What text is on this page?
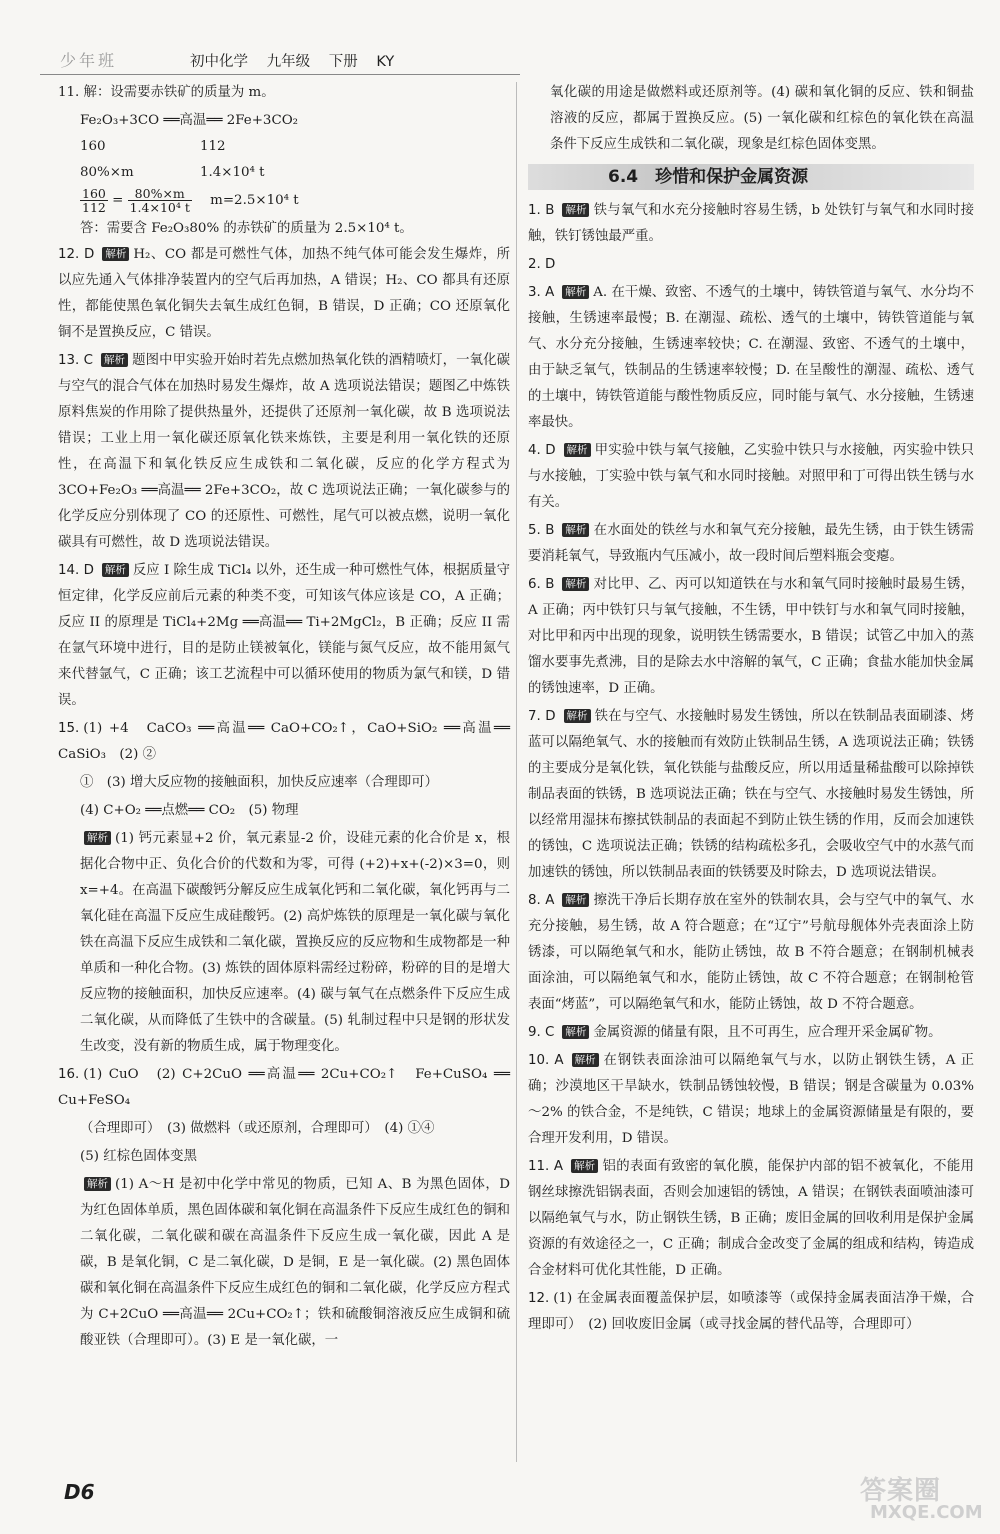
少年班	初中化学 九年级 下册 KY
11. 解：设需要赤铁矿的质量为 m。
Fe₂O₃+3CO ══高温══ 2Fe+3CO₂
160	112
80%×m	1.4×10⁴ t
$\frac{160}{112} = \frac{80\%\times m}{\text{1.4×10⁴ t}} m=2.5\times 10^4$ t
答：需要含 Fe₂O₃80% 的赤铁矿的质量为 2.5×10⁴ t。
12. D 解析 H₂、CO 都是可燃性气体，加热不纯气体可能会发生爆炸，所以应先通入气体排净装置内的空气后再加热，A 错误；H₂、CO 都具有还原性，都能使黑色氧化铜失去氧生成红色铜，B 错误，D 正确；CO 还原氧化铜不是置换反应，C 错误。
13. C 解析 题图中甲实验开始时若先点燃加热氧化铁的酒精喷灯，一氧化碳与空气的混合气体在加热时易发生爆炸，故 A 选项说法错误；题图乙中炼铁原料焦炭的作用除了提供热量外，还提供了还原剂一氧化碳，故 B 选项说法错误；工业上用一氧化碳还原氧化铁来炼铁，主要是利用一氧化铁的还原性，在高温下和氧化铁反应生成铁和二氧化碳，反应的化学方程式为 3CO+Fe₂O₃ ══高温══ 2Fe+3CO₂，故 C 选项说法正确；一氧化碳参与的化学反应分别体现了 CO 的还原性、可燃性，尾气可以被点燃，说明一氧化碳具有可燃性，故 D 选项说法错误。
14. D 解析 反应 I 除生成 TiCl₄ 以外，还生成一种可燃性气体，根据质量守恒定律，化学反应前后元素的种类不变，可知该气体应该是 CO，A 正确；反应 II 的原理是 TiCl₄+2Mg ══高温══ Ti+2MgCl₂，B 正确；反应 II 需在氩气环境中进行，目的是防止镁被氧化，镁能与氮气反应，故不能用氮气来代替氩气，C 正确；该工艺流程中可以循环使用的物质为氯气和镁，D 错误。
15. (1) +4　CaCO₃ ══高温══ CaO+CO₂↑，CaO+SiO₂ ══高温══ CaSiO₃　(2) ②
①　(3) 增大反应物的接触面积，加快反应速率（合理即可）
(4) C+O₂ ══点燃══ CO₂　(5) 物理
解析 (1) 钙元素显+2 价，氧元素显-2 价，设硅元素的化合价是 x，根据化合物中正、负化合价的代数和为零，可得 (+2)+x+(-2)×3=0，则 x=+4。在高温下碳酸钙分解反应生成氧化钙和二氧化碳，氧化钙再与二氧化硅在高温下反应生成硅酸钙。(2) 高炉炼铁的原理是一氧化碳与氧化铁在高温下反应生成铁和二氧化碳，置换反应的反应物和生成物都是一种单质和一种化合物。(3) 炼铁的固体原料需经过粉碎，粉碎的目的是增大反应物的接触面积，加快反应速率。(4) 碳与氧气在点燃条件下反应生成二氧化碳，从而降低了生铁中的含碳量。(5) 轧制过程中只是钢的形状发生改变，没有新的物质生成，属于物理变化。
16. (1) CuO　(2) C+2CuO ══高温══ 2Cu+CO₂↑　Fe+CuSO₄ ══ Cu+FeSO₄
（合理即可）　(3) 做燃料（或还原剂，合理即可）　(4) ①④
(5) 红棕色固体变黑
解析 (1) A～H 是初中化学中常见的物质，已知 A、B 为黑色固体，D 为红色固体单质，黑色固体碳和氧化铜在高温条件下反应生成红色的铜和二氧化碳，二氧化碳和碳在高温条件下反应生成一氧化碳，因此 A 是碳，B 是氧化铜，C 是二氧化碳，D 是铜，E 是一氧化碳。(2) 黑色固体碳和氧化铜在高温条件下反应生成红色的铜和二氧化碳，化学反应方程式为 C+2CuO ══高温══ 2Cu+CO₂↑；铁和硫酸铜溶液反应生成铜和硫酸亚铁（合理即可）。(3) E 是一氧化碳，一
氧化碳的用途是做燃料或还原剂等。(4) 碳和氧化铜的反应、铁和铜盐溶液的反应，都属于置换反应。(5) 一氧化碳和红棕色的氧化铁在高温条件下反应生成铁和二氧化碳，现象是红棕色固体变黑。
6.4　珍惜和保护金属资源
1. B 解析 铁与氧气和水充分接触时容易生锈，b 处铁钉与氧气和水同时接触，铁钉锈蚀最严重。
2. D
3. A 解析 A. 在干燥、致密、不透气的土壤中，铸铁管道与氧气、水分均不接触，生锈速率最慢；B. 在潮湿、疏松、透气的土壤中，铸铁管道能与氧气、水分充分接触，生锈速率较快；C. 在潮湿、致密、不透气的土壤中，由于缺乏氧气，铁制品的生锈速率较慢；D. 在呈酸性的潮湿、疏松、透气的土壤中，铸铁管道能与酸性物质反应，同时能与氧气、水分接触，生锈速率最快。
4. D 解析 甲实验中铁与氧气接触，乙实验中铁只与水接触，丙实验中铁只与水接触，丁实验中铁与氧气和水同时接触。对照甲和丁可得出铁生锈与水有关。
5. B 解析 在水面处的铁丝与水和氧气充分接触，最先生锈，由于铁生锈需要消耗氧气，导致瓶内气压减小，故一段时间后塑料瓶会变瘪。
6. B 解析 对比甲、乙、丙可以知道铁在与水和氧气同时接触时最易生锈，A 正确；丙中铁钉只与氧气接触，不生锈，甲中铁钉与水和氧气同时接触，对比甲和丙中出现的现象，说明铁生锈需要水，B 错误；试管乙中加入的蒸馏水要事先煮沸，目的是除去水中溶解的氧气，C 正确；食盐水能加快金属的锈蚀速率，D 正确。
7. D 解析 铁在与空气、水接触时易发生锈蚀，所以在铁制品表面刷漆、烤蓝可以隔绝氧气、水的接触而有效防止铁制品生锈，A 选项说法正确；铁锈的主要成分是氧化铁，氧化铁能与盐酸反应，所以用适量稀盐酸可以除掉铁制品表面的铁锈，B 选项说法正确；铁在与空气、水接触时易发生锈蚀，所以经常用湿抹布擦拭铁制品的表面起不到防止铁生锈的作用，反而会加速铁的锈蚀，C 选项说法正确；铁锈的结构疏松多孔，会吸收空气中的水蒸气而加速铁的锈蚀，所以铁制品表面的铁锈要及时除去，D 选项说法错误。
8. A 解析 擦洗干净后长期存放在室外的铁制农具，会与空气中的氧气、水充分接触，易生锈，故 A 符合题意；在“辽宁”号航母舰体外壳表面涂上防锈漆，可以隔绝氧气和水，能防止锈蚀，故 B 不符合题意；在钢制机械表面涂油，可以隔绝氧气和水，能防止锈蚀，故 C 不符合题意；在钢制枪管表面“烤蓝”，可以隔绝氧气和水，能防止锈蚀，故 D 不符合题意。
9. C 解析 金属资源的储量有限，且不可再生，应合理开采金属矿物。
10. A 解析 在钢铁表面涂油可以隔绝氧气与水，以防止钢铁生锈，A 正确；沙漠地区干旱缺水，铁制品锈蚀较慢，B 错误；钢是含碳量为 0.03%～2% 的铁合金，不是纯铁，C 错误；地球上的金属资源储量是有限的，要合理开发利用，D 错误。
11. A 解析 铝的表面有致密的氧化膜，能保护内部的铝不被氧化，不能用钢丝球擦洗铝锅表面，否则会加速铝的锈蚀，A 错误；在钢铁表面喷油漆可以隔绝氧气与水，防止钢铁生锈，B 正确；废旧金属的回收利用是保护金属资源的有效途径之一，C 正确；制成合金改变了金属的组成和结构，铸造成合金材料可优化其性能，D 正确。
12. (1) 在金属表面覆盖保护层，如喷漆等（或保持金属表面洁净干燥，合理即可）　(2) 回收废旧金属（或寻找金属的替代品等，合理即可）
D6	答案圈
MXQE.COM
